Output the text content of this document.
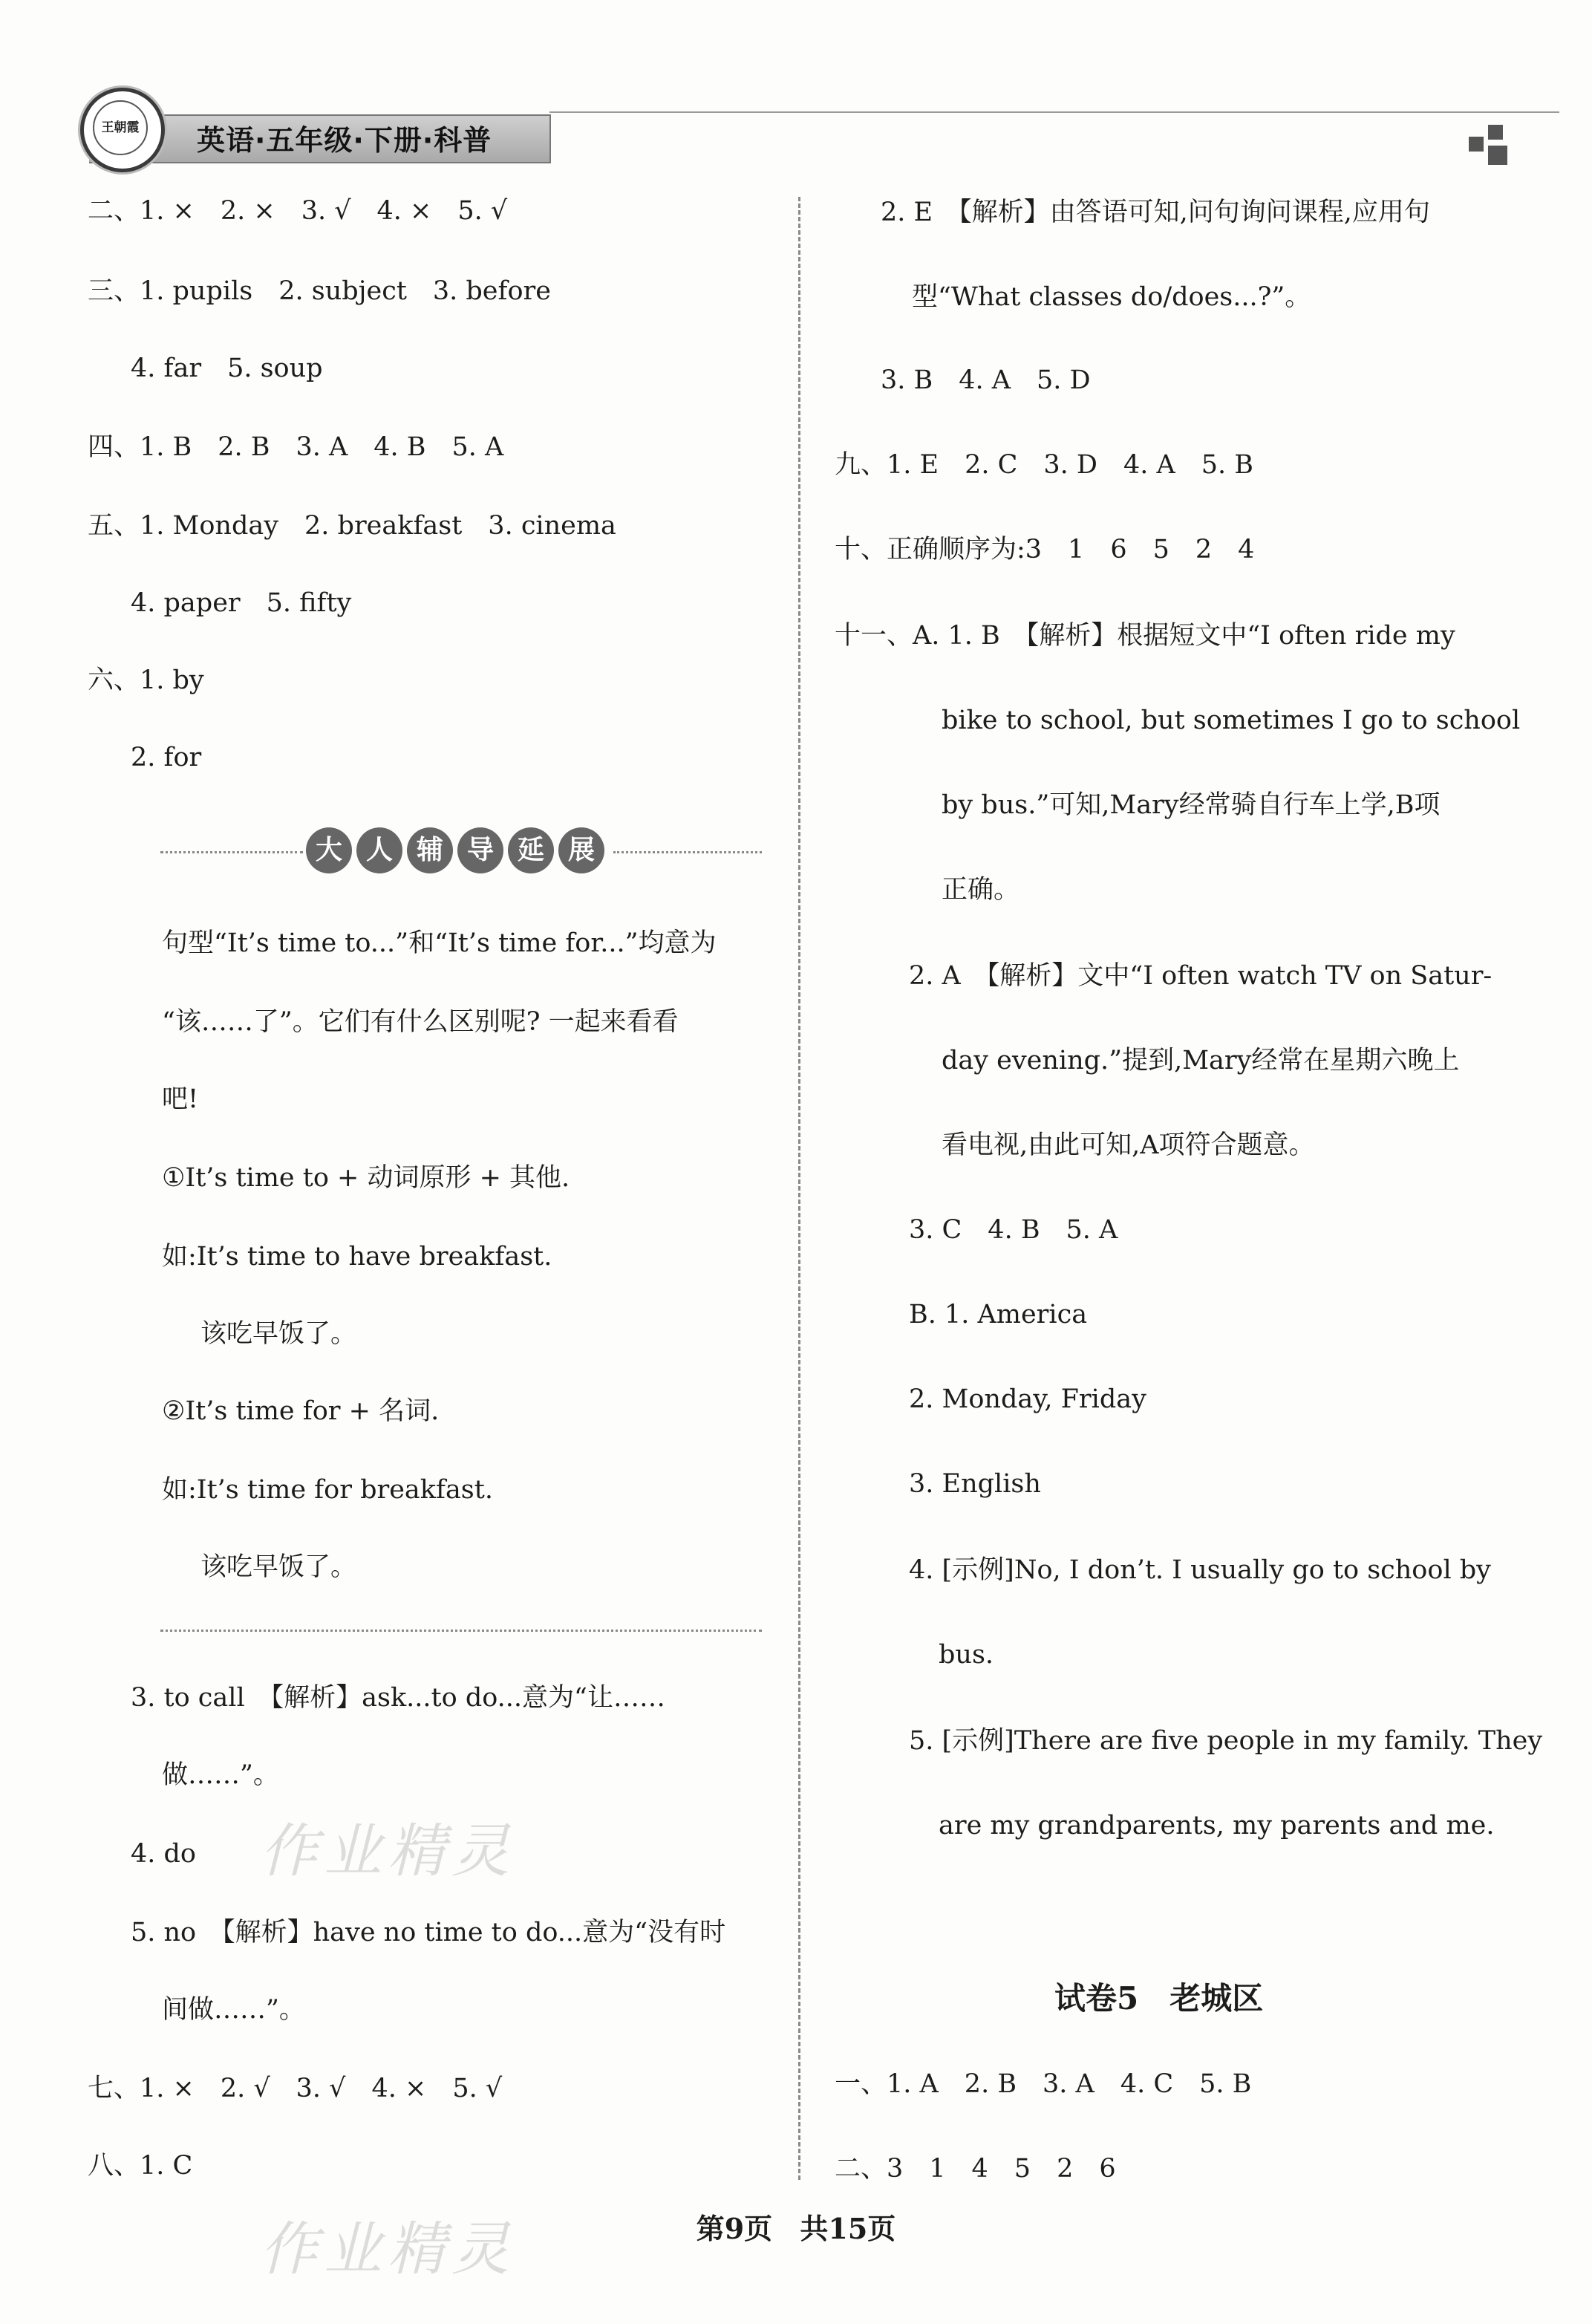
王朝霞	英语·五年级·下册·科普
二、1. ×　2. ×　3. √　4. ×　5. √
三、1. pupils　2. subject　3. before
4. far　5. soup
四、1. B　2. B　3. A　4. B　5. A
五、1. Monday　2. breakfast　3. cinema
4. paper　5. fifty
六、1. by
2. for
大 人 辅 导 延 展
句型“It’s time to...”和“It’s time for...”均意为
“该……了”。它们有什么区别呢? 一起来看看
吧!
①It’s time to + 动词原形 + 其他.
如:It’s time to have breakfast.
该吃早饭了。
②It’s time for + 名词.
如:It’s time for breakfast.
该吃早饭了。
3. to call　【解析】ask...to do...意为“让……
做……”。
4. do
5. no　【解析】have no time to do...意为“没有时
间做……”。
七、1. ×　2. √　3. √　4. ×　5. √
八、1. C
2. E　【解析】由答语可知,问句询问课程,应用句
型“What classes do/does...?”。
3. B　4. A　5. D
九、1. E　2. C　3. D　4. A　5. B
十、正确顺序为:3　1　6　5　2　4
十一、A. 1. B　【解析】根据短文中“I often ride my
bike to school, but sometimes I go to school
by bus.”可知,Mary经常骑自行车上学,B项
正确。
2. A　【解析】文中“I often watch TV on Satur-
day evening.”提到,Mary经常在星期六晚上
看电视,由此可知,A项符合题意。
3. C　4. B　5. A
B. 1. America
2. Monday, Friday
3. English
4. [示例]No, I don’t. I usually go to school by
bus.
5. [示例]There are five people in my family. They
are my grandparents, my parents and me.
试卷5　老城区
一、1. A　2. B　3. A　4. C　5. B
二、3　1　4　5　2　6
作业精灵
作业精灵	第9页 共15页
